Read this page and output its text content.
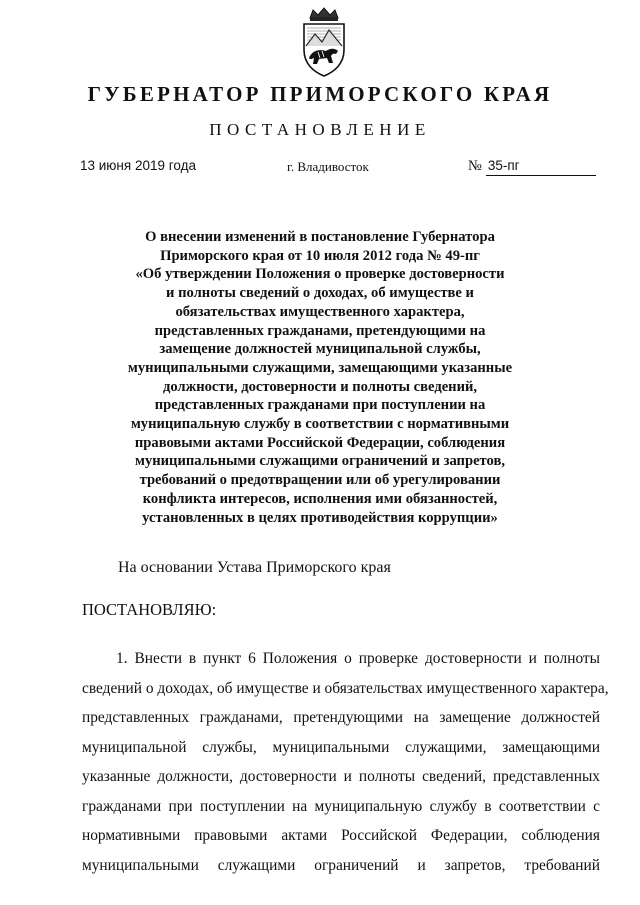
ГУБЕРНАТОР ПРИМОРСКОГО КРАЯ
ПОСТАНОВЛЕНИЕ
13 июня 2019 года	г. Владивосток	№ 35-пг
О внесении изменений в постановление Губернатора
Приморского края от 10 июля 2012 года № 49-пг
«Об утверждении Положения о проверке достоверности
и полноты сведений о доходах, об имуществе и
обязательствах имущественного характера,
представленных гражданами, претендующими на
замещение должностей муниципальной службы,
муниципальными служащими, замещающими указанные
должности, достоверности и полноты сведений,
представленных гражданами при поступлении на
муниципальную службу в соответствии с нормативными
правовыми актами Российской Федерации, соблюдения
муниципальными служащими ограничений и запретов,
требований о предотвращении или об урегулировании
конфликта интересов, исполнения ими обязанностей,
установленных в целях противодействия коррупции»
На основании Устава Приморского края
ПОСТАНОВЛЯЮ:
1. Внести в пункт 6 Положения о проверке достоверности и полноты
сведений о доходах, об имуществе и обязательствах имущественного характера,
представленных гражданами, претендующими на замещение должностей
муниципальной службы, муниципальными служащими, замещающими
указанные должности, достоверности и полноты сведений, представленных
гражданами при поступлении на муниципальную службу в соответствии с
нормативными правовыми актами Российской Федерации, соблюдения
муниципальными служащими ограничений и запретов, требований
